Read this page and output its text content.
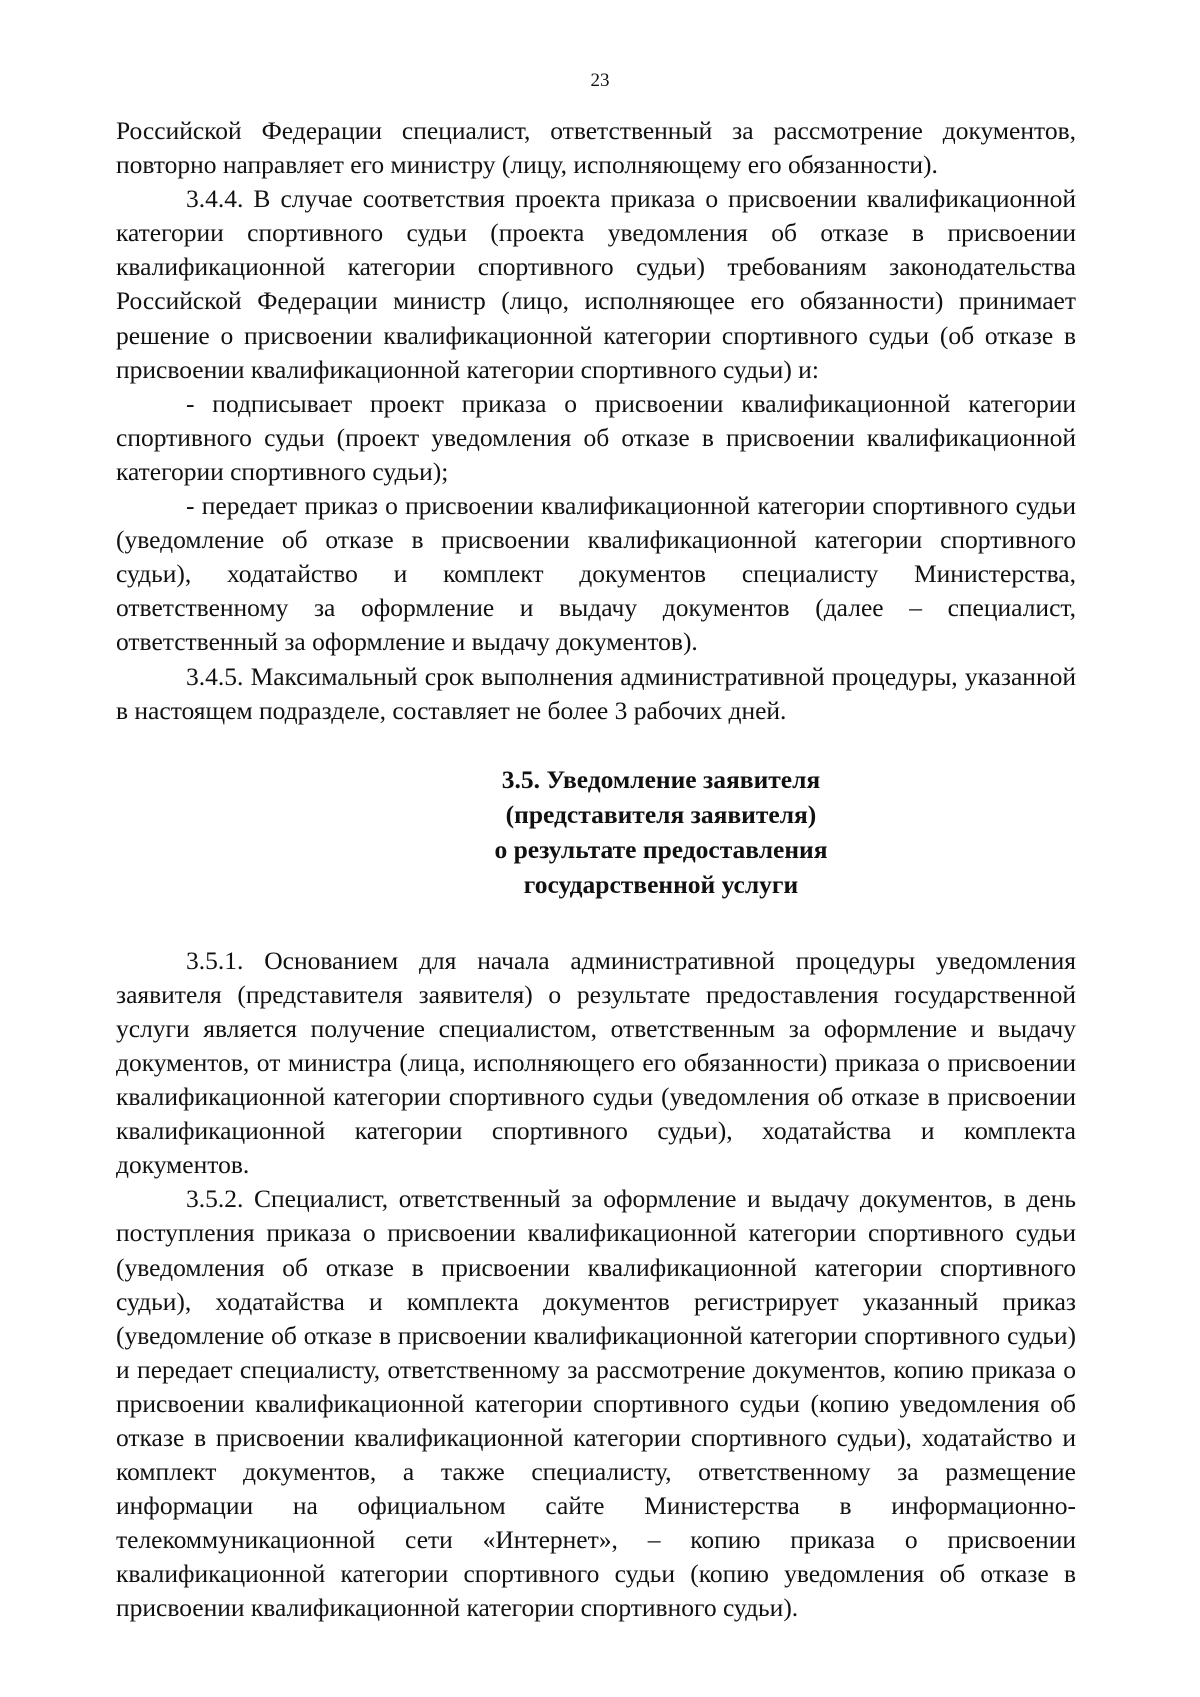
23

Российской Федерации специалист, ответственный за рассмотрение документов, повторно направляет его министру (лицу, исполняющему его обязанности).

3.4.4. В случае соответствия проекта приказа о присвоении квалификационной категории спортивного судьи (проекта уведомления об отказе в присвоении квалификационной категории спортивного судьи) требованиям законодательства Российской Федерации министр (лицо, исполняющее его обязанности) принимает решение о присвоении квалификационной категории спортивного судьи (об отказе в присвоении квалификационной категории спортивного судьи) и:

- подписывает проект приказа о присвоении квалификационной категории спортивного судьи (проект уведомления об отказе в присвоении квалификационной категории спортивного судьи);

- передает приказ о присвоении квалификационной категории спортивного судьи (уведомление об отказе в присвоении квалификационной категории спортивного судьи), ходатайство и комплект документов специалисту Министерства, ответственному за оформление и выдачу документов (далее – специалист, ответственный за оформление и выдачу документов).

3.4.5. Максимальный срок выполнения административной процедуры, указанной в настоящем подразделе, составляет не более 3 рабочих дней.

3.5. Уведомление заявителя
(представителя заявителя)
о результате предоставления
государственной услуги

3.5.1. Основанием для начала административной процедуры уведомления заявителя (представителя заявителя) о результате предоставления государственной услуги является получение специалистом, ответственным за оформление и выдачу документов, от министра (лица, исполняющего его обязанности) приказа о присвоении квалификационной категории спортивного судьи (уведомления об отказе в присвоении квалификационной категории спортивного судьи), ходатайства и комплекта документов.

3.5.2. Специалист, ответственный за оформление и выдачу документов, в день поступления приказа о присвоении квалификационной категории спортивного судьи (уведомления об отказе в присвоении квалификационной категории спортивного судьи), ходатайства и комплекта документов регистрирует указанный приказ (уведомление об отказе в присвоении квалификационной категории спортивного судьи) и передает специалисту, ответственному за рассмотрение документов, копию приказа о присвоении квалификационной категории спортивного судьи (копию уведомления об отказе в присвоении квалификационной категории спортивного судьи), ходатайство и комплект документов, а также специалисту, ответственному за размещение информации на официальном сайте Министерства в информационно-телекоммуникационной сети «Интернет», – копию приказа о присвоении квалификационной категории спортивного судьи (копию уведомления об отказе в присвоении квалификационной категории спортивного судьи).
